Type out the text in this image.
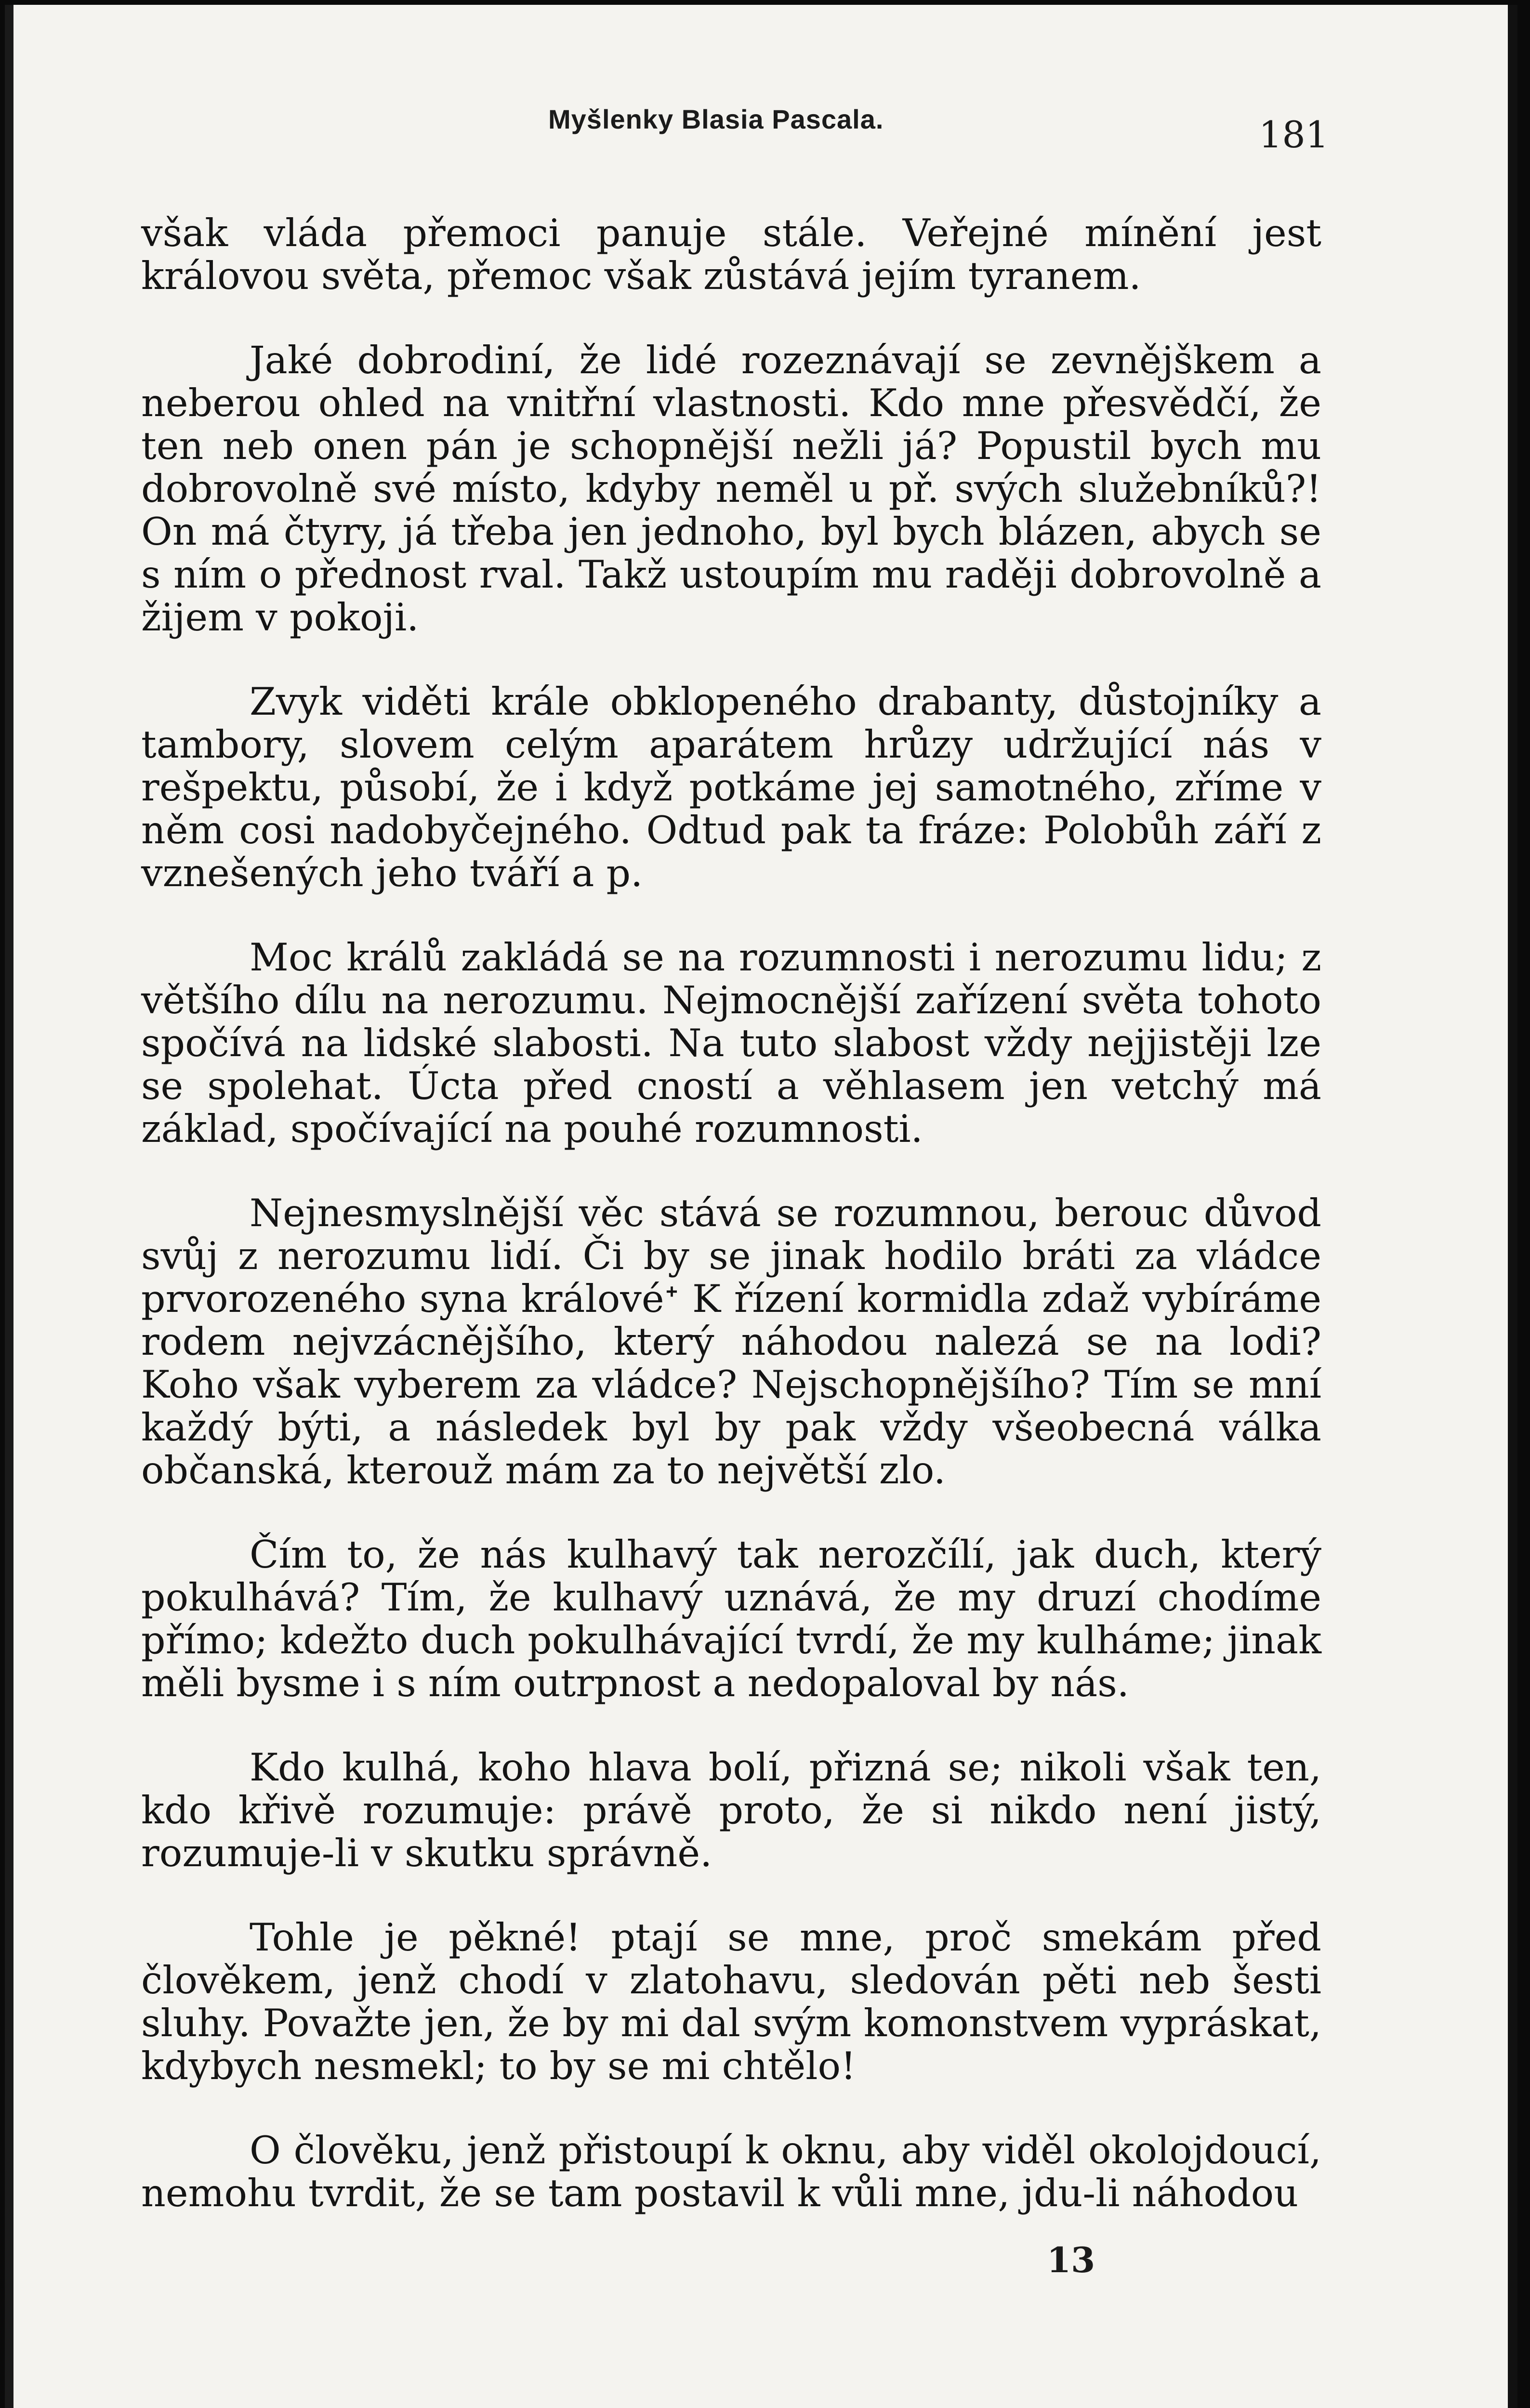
Myšlenky Blasia Pascala.	181

však vláda přemoci panuje stále. Veřejné mínění jest královou světa, přemoc však zůstává jejím tyranem.

Jaké dobrodiní, že lidé rozeznávají se zevnějškem a neberou ohled na vnitřní vlastnosti. Kdo mne přesvědčí, že ten neb onen pán je schopnější nežli já? Popustil bych mu dobrovolně své místo, kdyby neměl u př. svých služebníků?! On má čtyry, já třeba jen jednoho, byl bych blázen, abych se s ním o přednost rval. Takž ustoupím mu raději dobrovolně a žijem v pokoji.

Zvyk viděti krále obklopeného drabanty, důstojníky a tambory, slovem celým aparátem hrůzy udržující nás v rešpektu, působí, že i když potkáme jej samotného, zříme v něm cosi nadobyčejného. Odtud pak ta fráze: Polobůh září z vznešených jeho tváří a p.

Moc králů zakládá se na rozumnosti i nerozumu lidu; z většího dílu na nerozumu. Nejmocnější zařízení světa tohoto spočívá na lidské slabosti. Na tuto slabost vždy nejjistěji lze se spolehat. Úcta před cností a věhlasem jen vetchý má základ, spočívající na pouhé rozumnosti.

Nejnesmyslnější věc stává se rozumnou, berouc důvod svůj z nerozumu lidí. Či by se jinak hodilo bráti za vládce prvorozeného syna královéᐩ K řízení kormidla zdaž vybíráme rodem nejvzácnějšího, který náhodou nalezá se na lodi? Koho však vyberem za vládce? Nejschopnějšího? Tím se mní každý býti, a následek byl by pak vždy všeobecná válka občanská, kterouž mám za to největší zlo.

Čím to, že nás kulhavý tak nerozčílí, jak duch, který pokulhává? Tím, že kulhavý uznává, že my druzí chodíme přímo; kdežto duch pokulhávající tvrdí, že my kulháme; jinak měli bysme i s ním outrpnost a nedopaloval by nás.

Kdo kulhá, koho hlava bolí, přizná se; nikoli však ten, kdo křivě rozumuje: právě proto, že si nikdo není jistý, rozumuje-li v skutku správně.

Tohle je pěkné! ptají se mne, proč smekám před člověkem, jenž chodí v zlatohavu, sledován pěti neb šesti sluhy. Považte jen, že by mi dal svým komonstvem vypráskat, kdybych nesmekl; to by se mi chtělo!

O člověku, jenž přistoupí k oknu, aby viděl okolojdoucí, nemohu tvrdit, že se tam postavil k vůli mne, jdu-li náhodou

13
